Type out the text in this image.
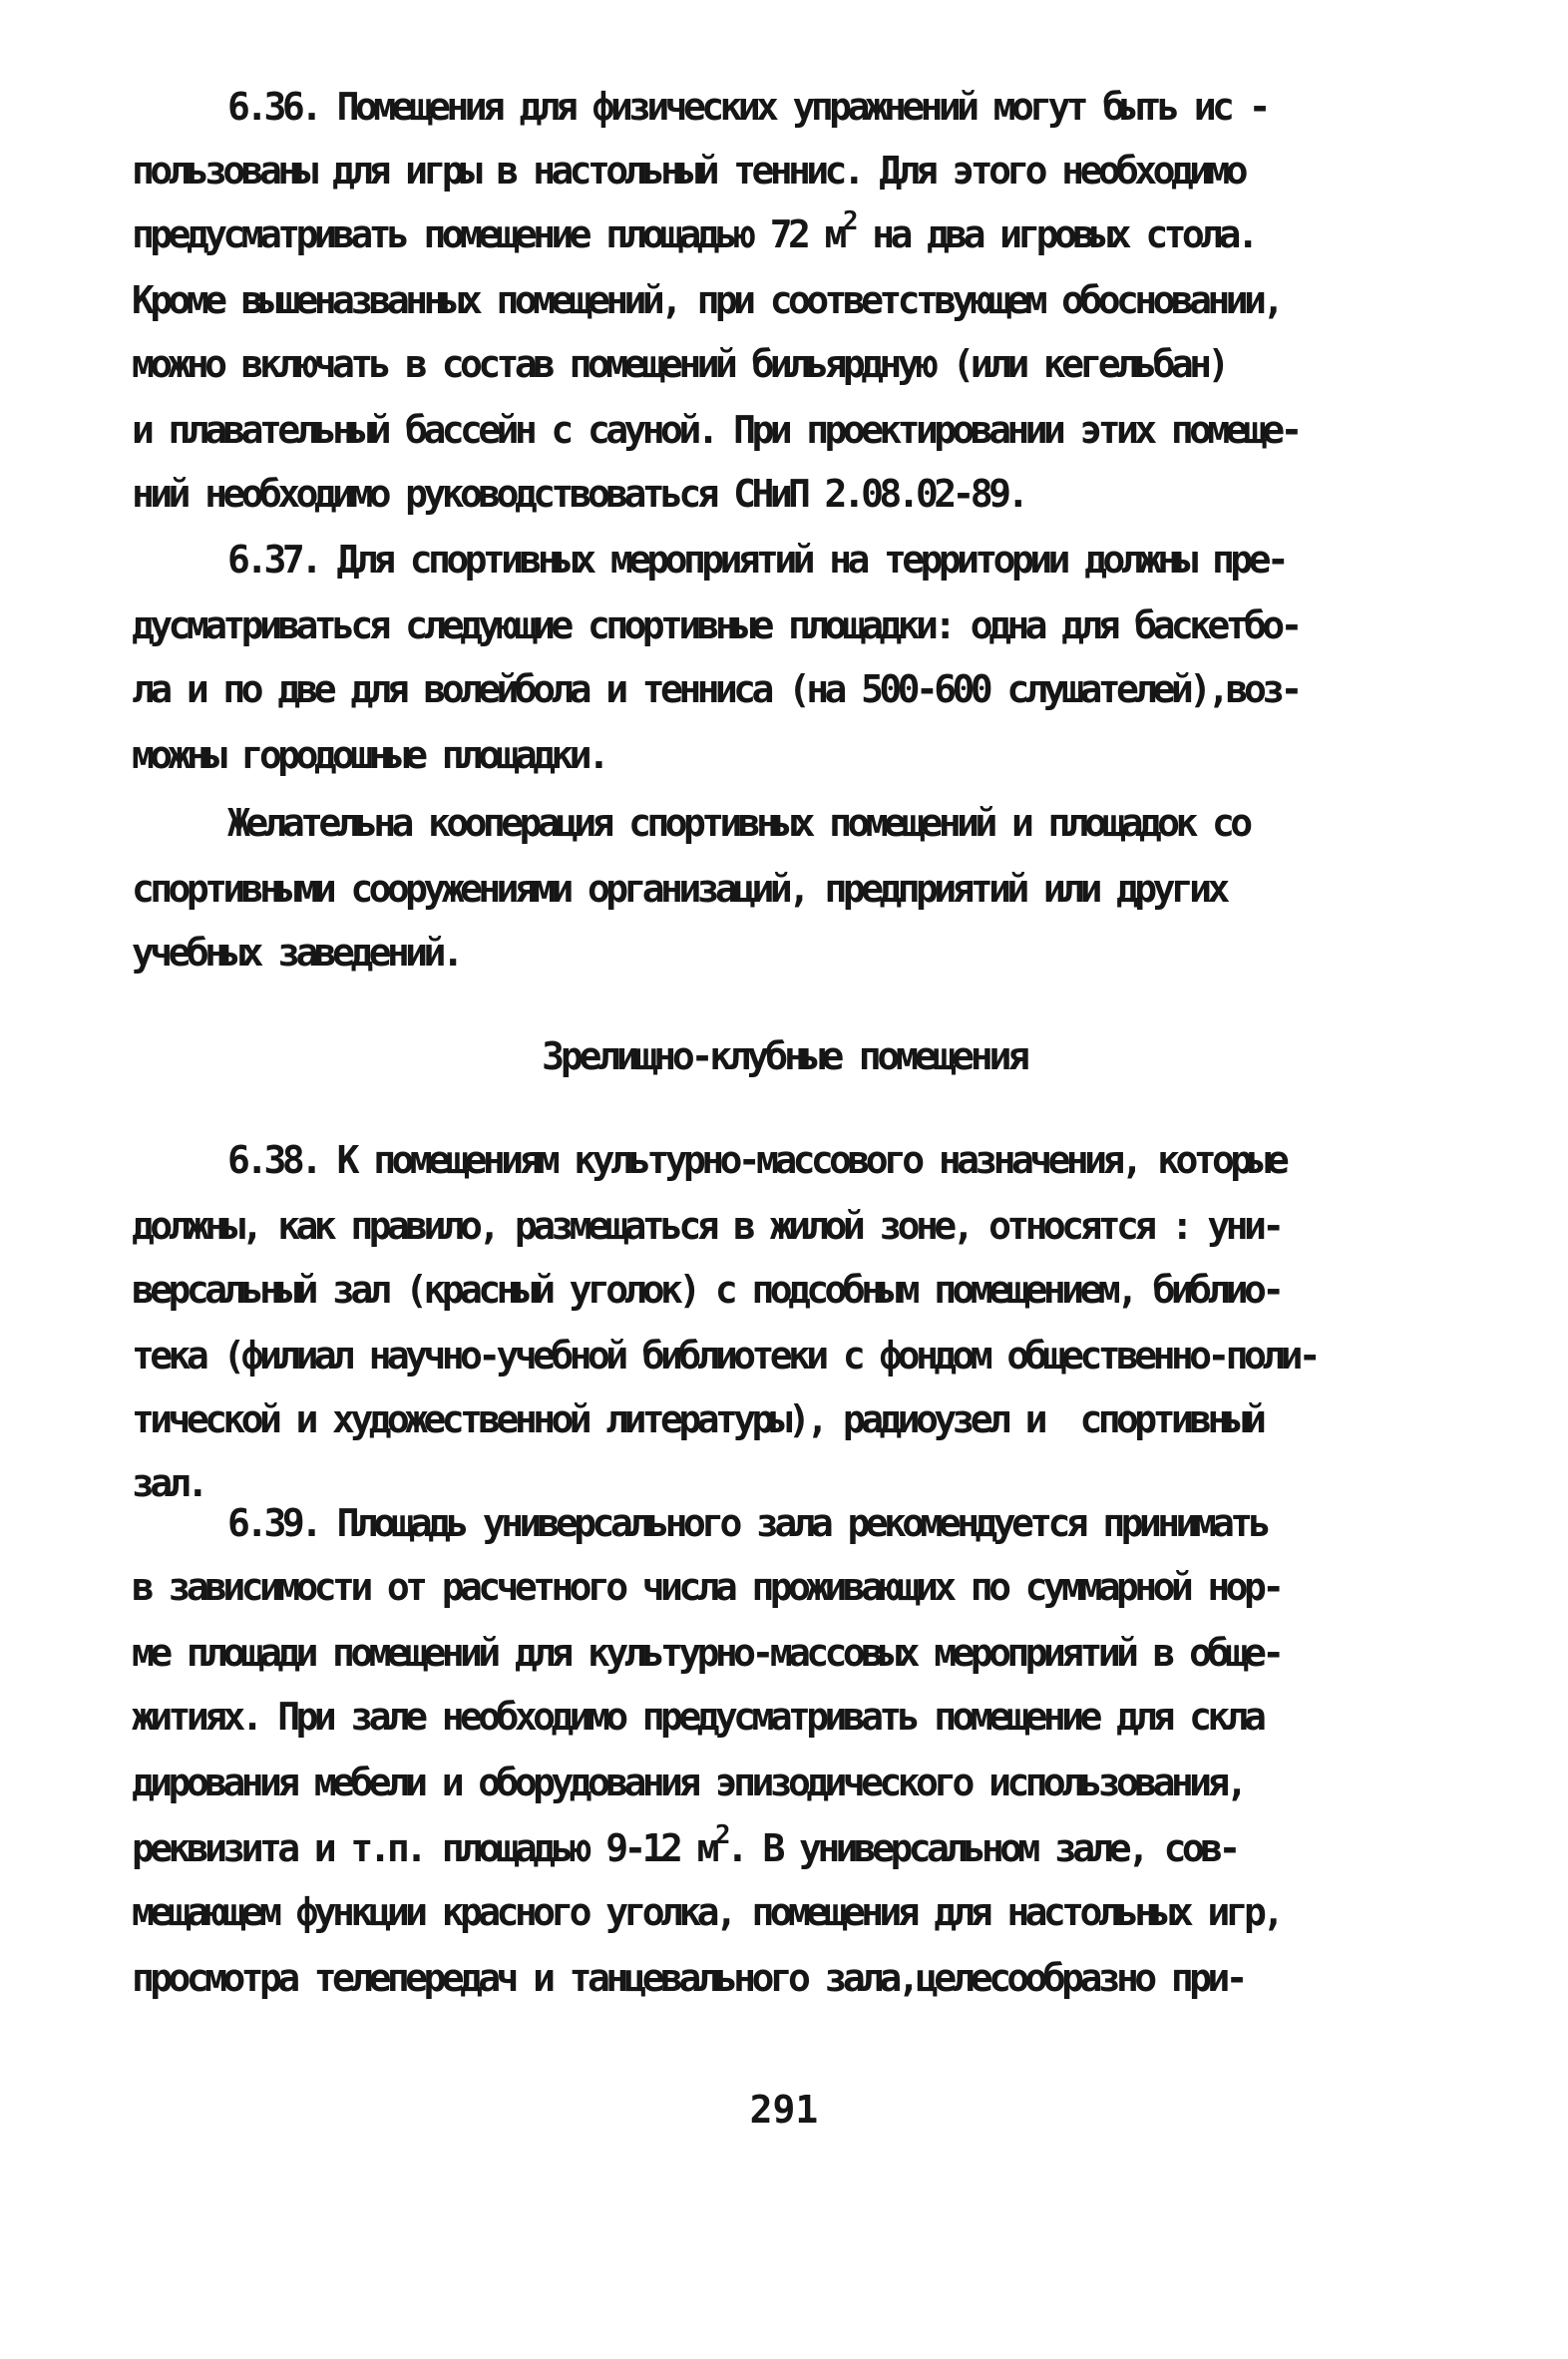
6.36. Помещения для физических упражнений могут быть ис -
пользованы для игры в настольный теннис. Для этого необходимо
предусматривать помещение площадью 72 $м^2$ на два игровых стола.
Кроме вышеназванных помещений, при соответствующем обосновании,
можно включать в состав помещений бильярдную (или кегельбан)
и плавательный бассейн с сауной. При проектировании этих помеще-
ний необходимо руководствоваться СНиП 2.08.02-89.
6.37. Для спортивных мероприятий на территории должны пре-
дусматриваться следующие спортивные площадки: одна для баскетбо-
ла и по две для волейбола и тенниса (на 500-600 слушателей),воз-
можны городошные площадки.
Желательна кооперация спортивных помещений и площадок со
спортивными сооружениями организаций, предприятий или других
учебных заведений.
Зрелищно-клубные помещения
6.38. К помещениям культурно-массового назначения, которые
должны, как правило, размещаться в жилой зоне, относятся : уни-
версальный зал (красный уголок) с подсобным помещением, библио-
тека (филиал научно-учебной библиотеки с фондом общественно-поли-
тической и художественной литературы), радиоузел и  спортивный
зал.
6.39. Площадь универсального зала рекомендуется принимать
в зависимости от расчетного числа проживающих по суммарной нор-
ме площади помещений для культурно-массовых мероприятий в обще-
житиях. При зале необходимо предусматривать помещение для скла
дирования мебели и оборудования эпизодического использования,
реквизита и т.п. площадью 9-12 $м^2$. В универсальном зале, сов-
мещающем функции красного уголка, помещения для настольных игр,
просмотра телепередач и танцевального зала,целесообразно при-
291
